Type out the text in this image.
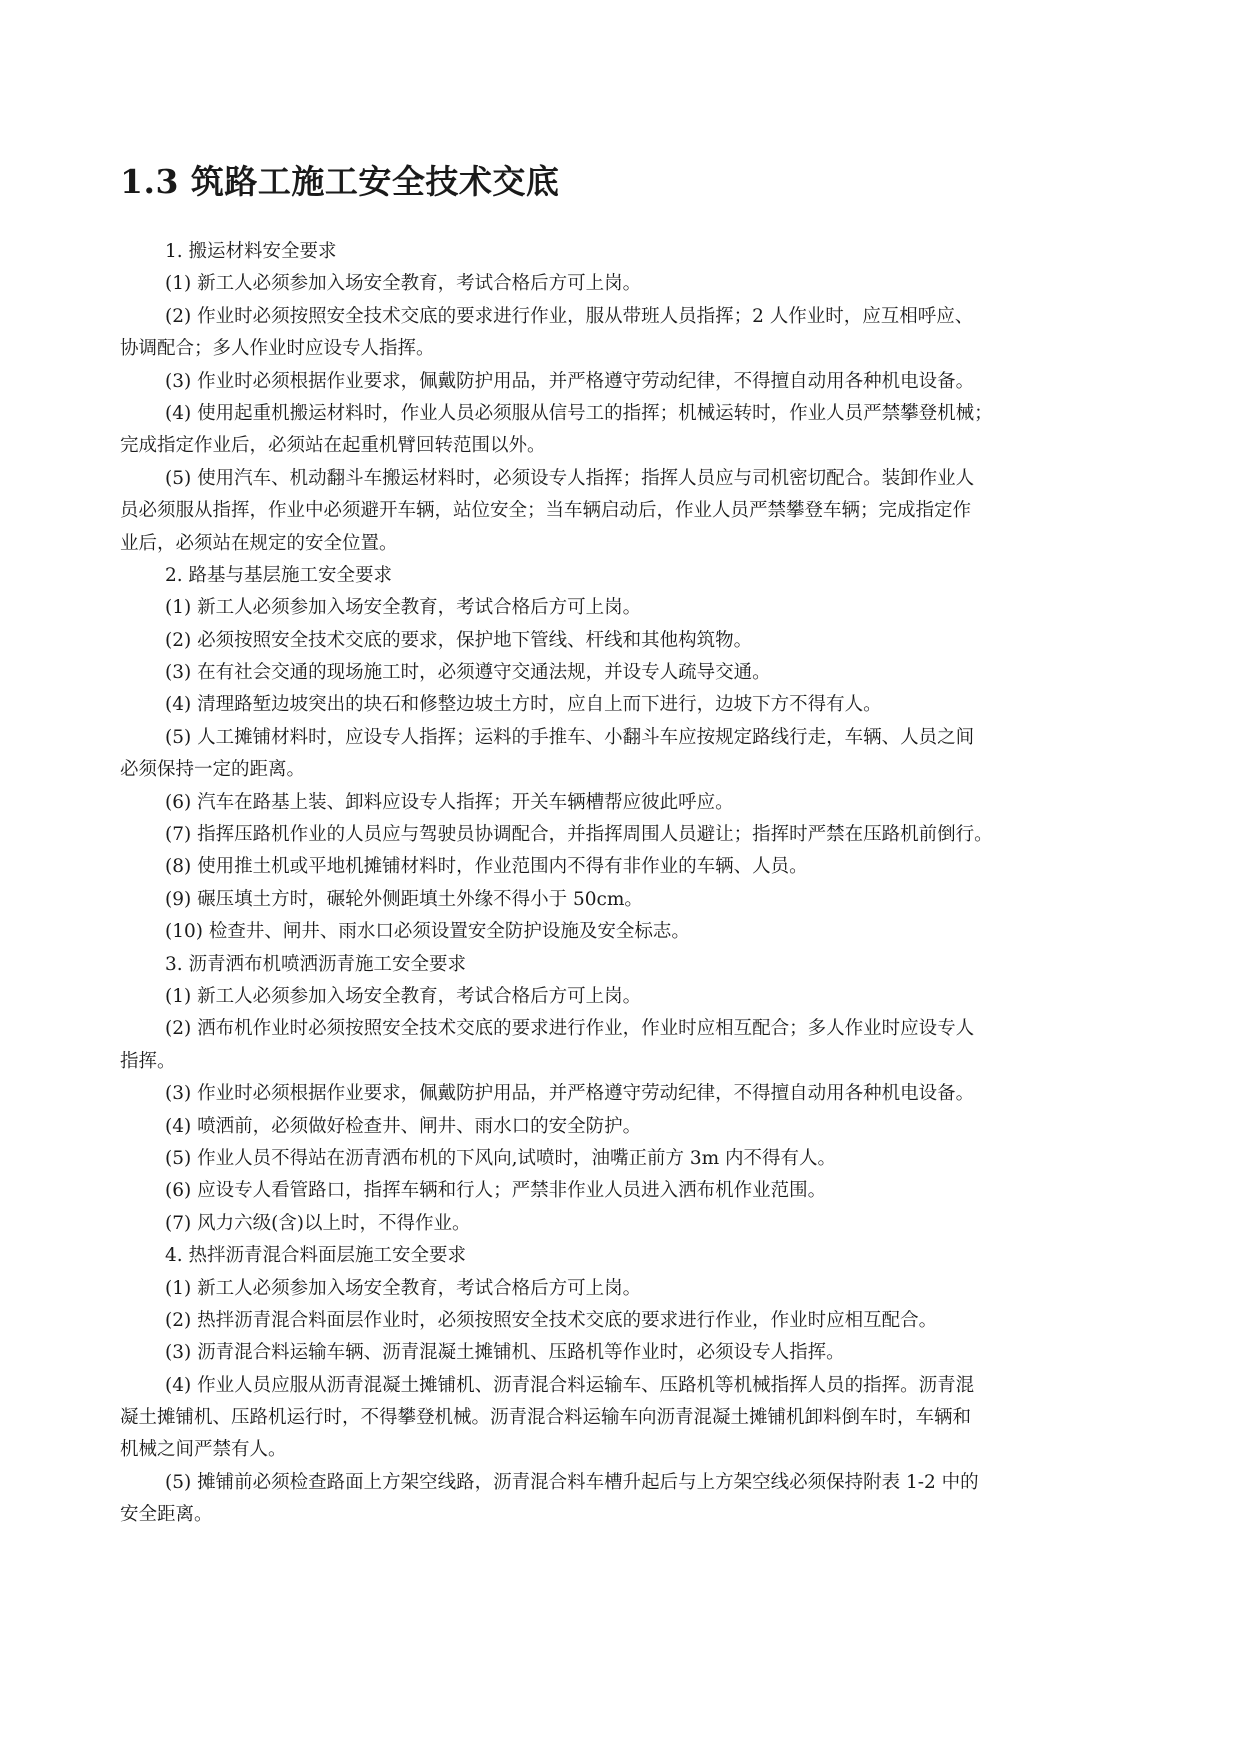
1.3 筑路工施工安全技术交底
1. 搬运材料安全要求
(1) 新工人必须参加入场安全教育，考试合格后方可上岗。
(2) 作业时必须按照安全技术交底的要求进行作业，服从带班人员指挥；2 人作业时，应互相呼应、
协调配合；多人作业时应设专人指挥。
(3) 作业时必须根据作业要求，佩戴防护用品，并严格遵守劳动纪律，不得擅自动用各种机电设备。
(4) 使用起重机搬运材料时，作业人员必须服从信号工的指挥；机械运转时，作业人员严禁攀登机械；
完成指定作业后，必须站在起重机臂回转范围以外。
(5) 使用汽车、机动翻斗车搬运材料时，必须设专人指挥；指挥人员应与司机密切配合。装卸作业人
员必须服从指挥，作业中必须避开车辆，站位安全；当车辆启动后，作业人员严禁攀登车辆；完成指定作
业后，必须站在规定的安全位置。
2. 路基与基层施工安全要求
(1) 新工人必须参加入场安全教育，考试合格后方可上岗。
(2) 必须按照安全技术交底的要求，保护地下管线、杆线和其他构筑物。
(3) 在有社会交通的现场施工时，必须遵守交通法规，并设专人疏导交通。
(4) 清理路堑边坡突出的块石和修整边坡土方时，应自上而下进行，边坡下方不得有人。
(5) 人工摊铺材料时，应设专人指挥；运料的手推车、小翻斗车应按规定路线行走，车辆、人员之间
必须保持一定的距离。
(6) 汽车在路基上装、卸料应设专人指挥；开关车辆槽帮应彼此呼应。
(7) 指挥压路机作业的人员应与驾驶员协调配合，并指挥周围人员避让；指挥时严禁在压路机前倒行。
(8) 使用推土机或平地机摊铺材料时，作业范围内不得有非作业的车辆、人员。
(9) 碾压填土方时，碾轮外侧距填土外缘不得小于 50cm。
(10) 检查井、闸井、雨水口必须设置安全防护设施及安全标志。
3. 沥青洒布机喷洒沥青施工安全要求
(1) 新工人必须参加入场安全教育，考试合格后方可上岗。
(2) 洒布机作业时必须按照安全技术交底的要求进行作业，作业时应相互配合；多人作业时应设专人
指挥。
(3) 作业时必须根据作业要求，佩戴防护用品，并严格遵守劳动纪律，不得擅自动用各种机电设备。
(4) 喷洒前，必须做好检查井、闸井、雨水口的安全防护。
(5) 作业人员不得站在沥青洒布机的下风向,试喷时，油嘴正前方 3m 内不得有人。
(6) 应设专人看管路口，指挥车辆和行人；严禁非作业人员进入洒布机作业范围。
(7) 风力六级(含)以上时，不得作业。
4. 热拌沥青混合料面层施工安全要求
(1) 新工人必须参加入场安全教育，考试合格后方可上岗。
(2) 热拌沥青混合料面层作业时，必须按照安全技术交底的要求进行作业，作业时应相互配合。
(3) 沥青混合料运输车辆、沥青混凝土摊铺机、压路机等作业时，必须设专人指挥。
(4) 作业人员应服从沥青混凝土摊铺机、沥青混合料运输车、压路机等机械指挥人员的指挥。沥青混
凝土摊铺机、压路机运行时，不得攀登机械。沥青混合料运输车向沥青混凝土摊铺机卸料倒车时，车辆和
机械之间严禁有人。
(5) 摊铺前必须检查路面上方架空线路，沥青混合料车槽升起后与上方架空线必须保持附表 1-2 中的
安全距离。
